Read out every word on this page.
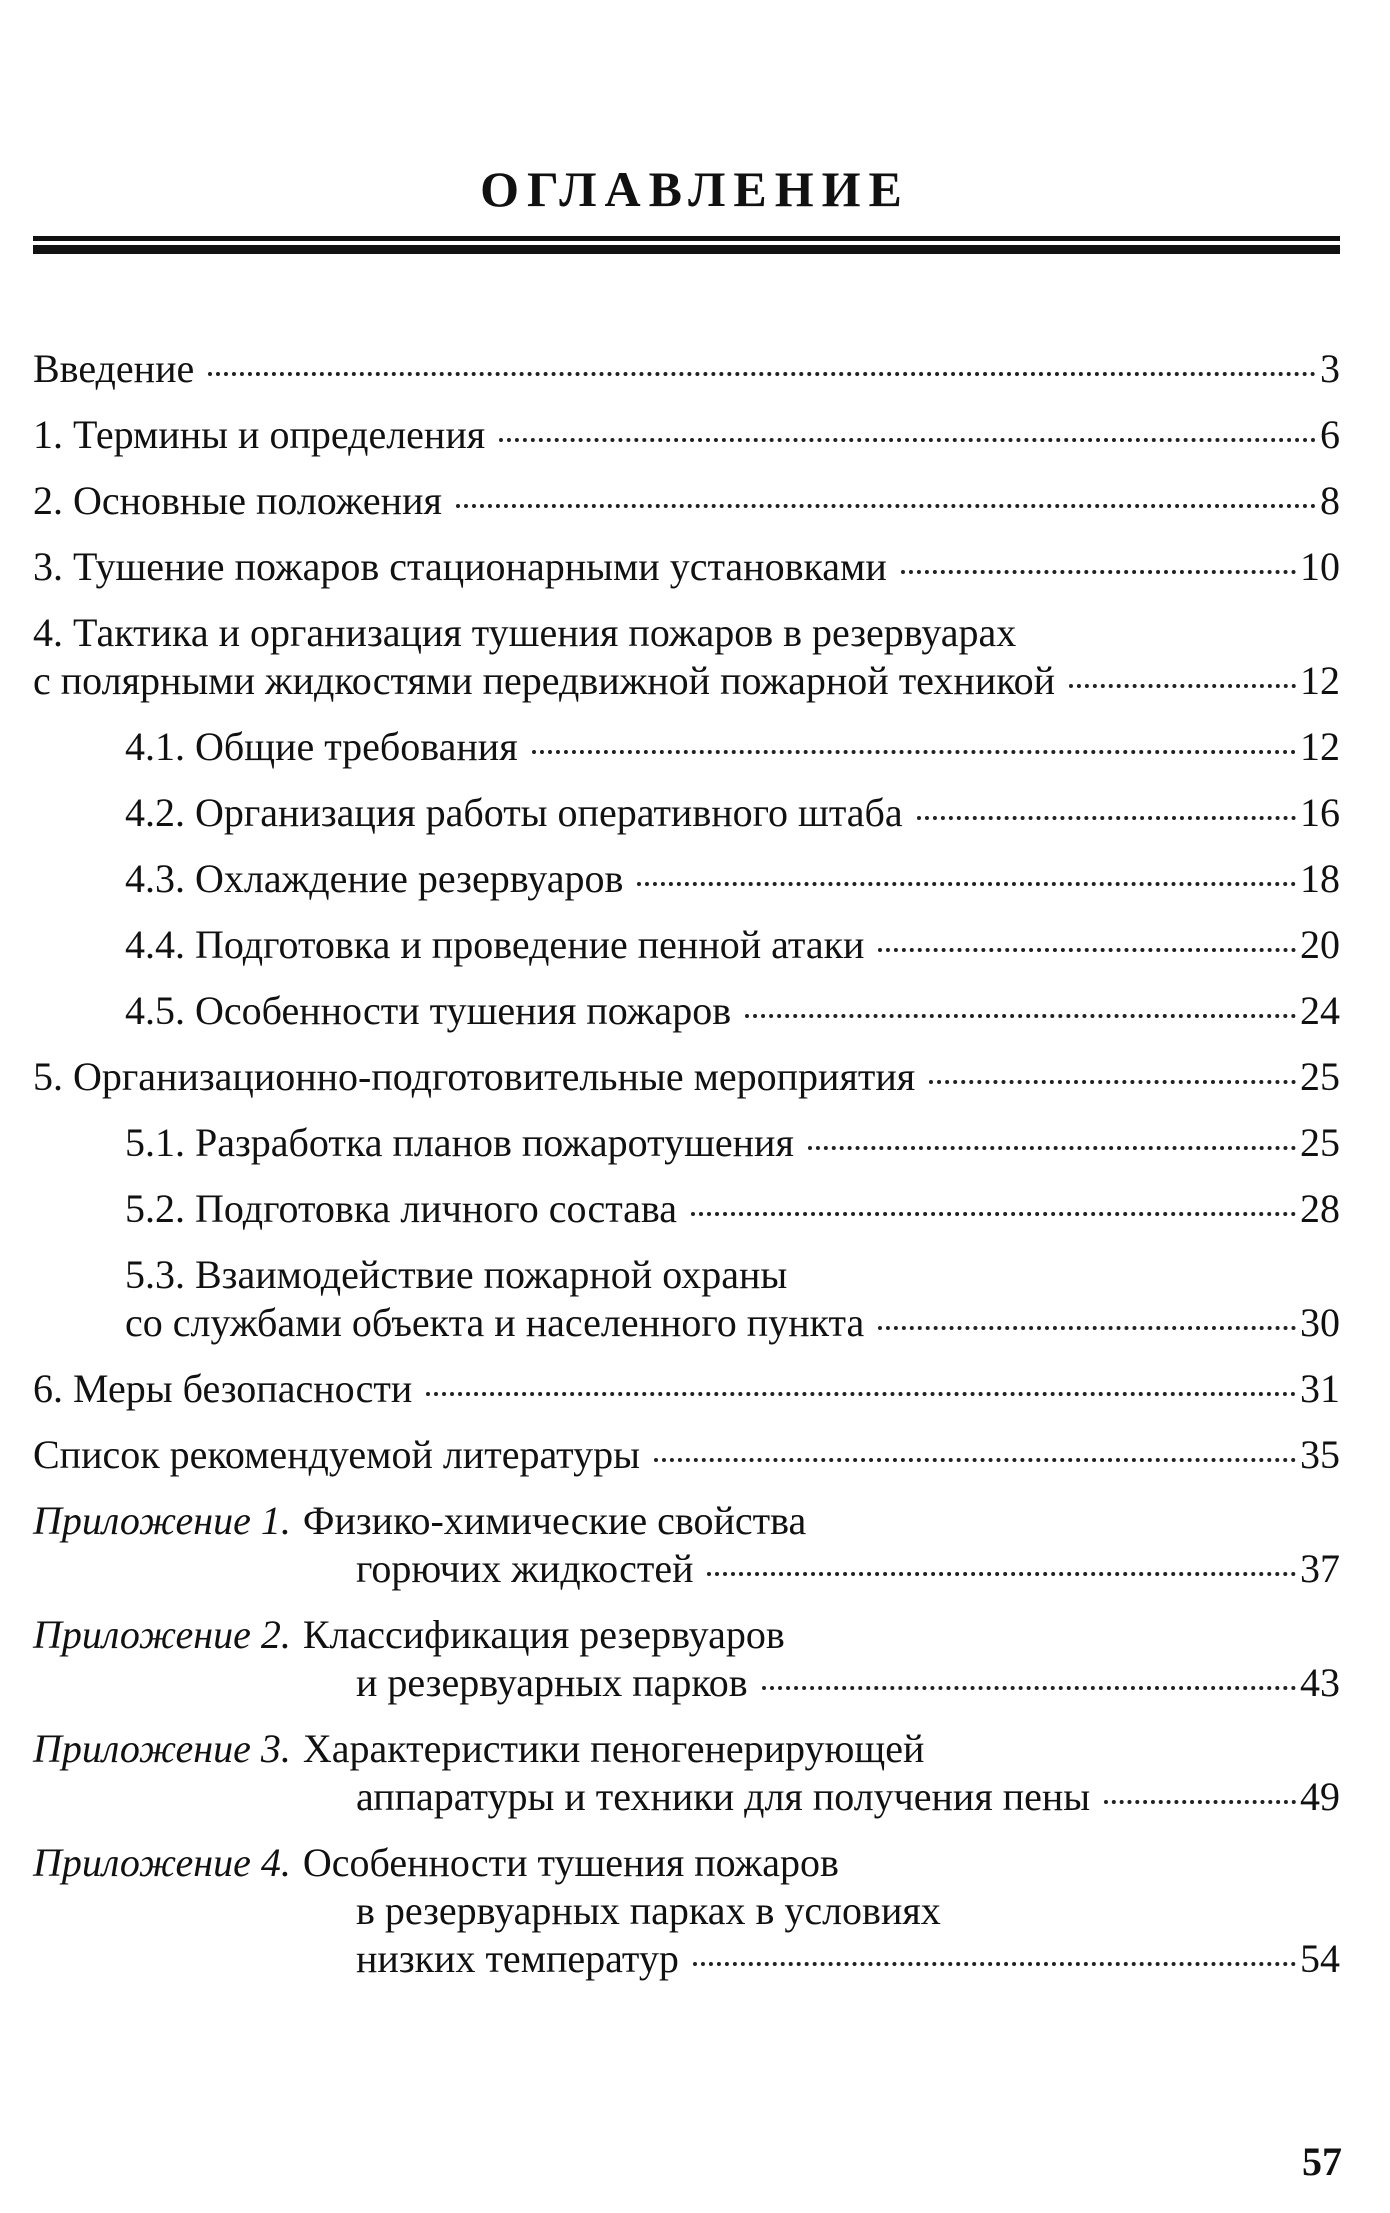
ОГЛАВЛЕНИЕ
Введение	3
1. Термины и определения	6
2. Основные положения	8
3. Тушение пожаров стационарными установками	10
4. Тактика и организация тушения пожаров в резервуарах
с полярными жидкостями передвижной пожарной техникой	12
4.1. Общие требования	12
4.2. Организация работы оперативного штаба	16
4.3. Охлаждение резервуаров	18
4.4. Подготовка и проведение пенной атаки	20
4.5. Особенности тушения пожаров	24
5. Организационно-подготовительные мероприятия	25
5.1. Разработка планов пожаротушения	25
5.2. Подготовка личного состава	28
5.3. Взаимодействие пожарной охраны
со службами объекта и населенного пункта	30
6. Меры безопасности	31
Список рекомендуемой литературы	35
Приложение 1. Физико-химические свойства
горючих жидкостей	37
Приложение 2. Классификация резервуаров
и резервуарных парков	43
Приложение 3. Характеристики пеногенерирующей
аппаратуры и техники для получения пены	49
Приложение 4. Особенности тушения пожаров
в резервуарных парках в условиях
низких температур	54
57
